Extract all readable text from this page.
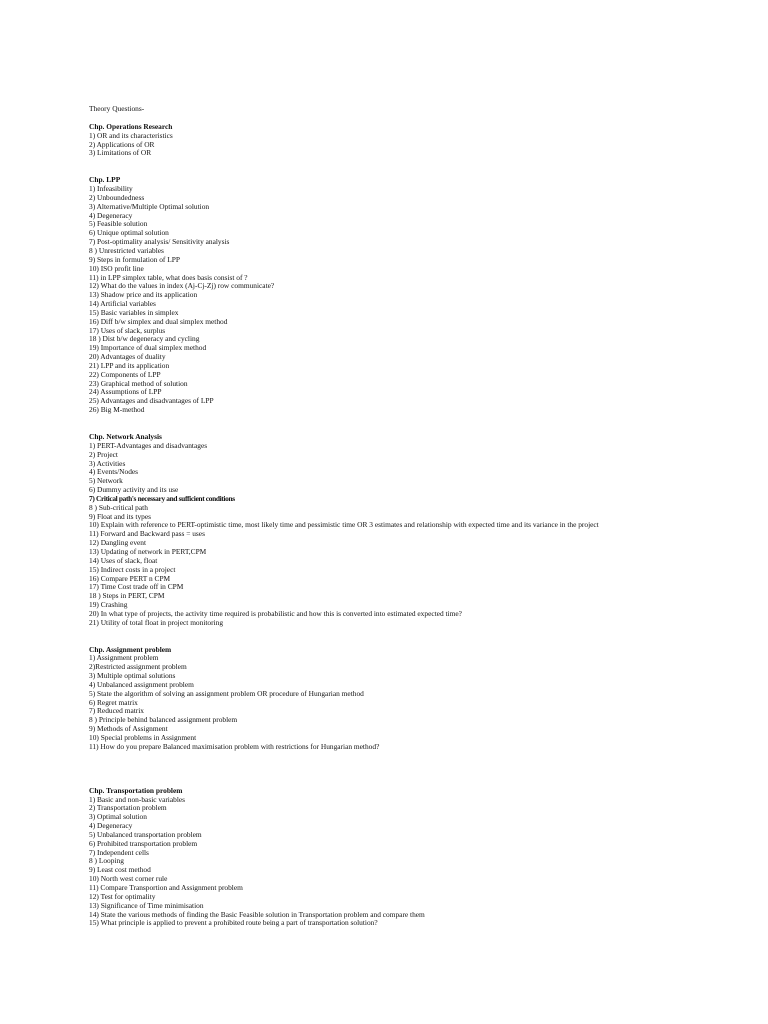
Theory Questions-
Chp. Operations Research
1) OR and its characteristics
2) Applications of OR
3) Limitations of OR
Chp. LPP
1) Infeasibility
2) Unboundedness
3) Alternative/Multiple Optimal solution
4) Degeneracy
5) Feasible solution
6) Unique optimal solution
7) Post-optimality analysis/ Sensitivity analysis
8 ) Unrestricted variables
9) Steps in formulation of LPP
10) ISO profit line
11) in LPP simplex table, what does basis consist of ?
12) What do the values in index (Aj-Cj-Zj) row communicate?
13) Shadow price and its application
14) Artificial variables
15) Basic variables in simplex
16) Diff b/w simplex and dual simplex method
17) Uses of slack, surplus
18 ) Dist b/w degeneracy and cycling
19) Importance of dual simplex method
20) Advantages of duality
21) LPP and its application
22) Components of LPP
23) Graphical method of solution
24) Assumptions of LPP
25) Advantages and disadvantages of LPP
26) Big M-method
Chp. Network Analysis
1) PERT-Advantages and disadvantages
2) Project
3) Activities
4) Events/Nodes
5) Network
6) Dummy activity and its use
7) Critical path's necessary and sufficient conditions
8 ) Sub-critical path
9) Float and its types
10) Explain with reference to PERT-optimistic time, most likely time and pessimistic time OR 3 estimates and relationship with expected time and its variance in the project
11) Forward and Backward pass = uses
12) Dangling event
13) Updating of network in PERT,CPM
14) Uses of slack, float
15) Indirect costs in a project
16) Compare PERT n CPM
17) Time Cost trade off in CPM
18 ) Steps in PERT, CPM
19) Crashing
20) In what type of projects, the activity time required is probabilistic and how this is converted into estimated expected time?
21) Utility of total float in project monitoring
Chp. Assignment problem
1) Assignment problem
2)Restricted assignment problem
3) Multiple optimal solutions
4) Unbalanced assignment problem
5) State the algorithm of solving an assignment problem OR procedure of Hungarian method
6) Regret matrix
7) Reduced matrix
8 ) Principle behind balanced assignment problem
9) Methods of Assignment
10) Special problems in Assignment
11) How do you prepare Balanced maximisation problem with restrictions for Hungarian method?
Chp. Transportation problem
1) Basic and non-basic variables
2) Transportation problem
3) Optimal solution
4) Degeneracy
5) Unbalanced transportation problem
6) Prohibited transportation problem
7) Independent cells
8 ) Looping
9) Least cost method
10) North west corner rule
11) Compare Transportion and Assignment problem
12) Test for optimality
13) Significance of Time minimisation
14) State the various methods of finding the Basic Feasible solution in Transportation problem and compare them
15) What principle is applied to prevent a prohibited route being a part of transportation solution?
